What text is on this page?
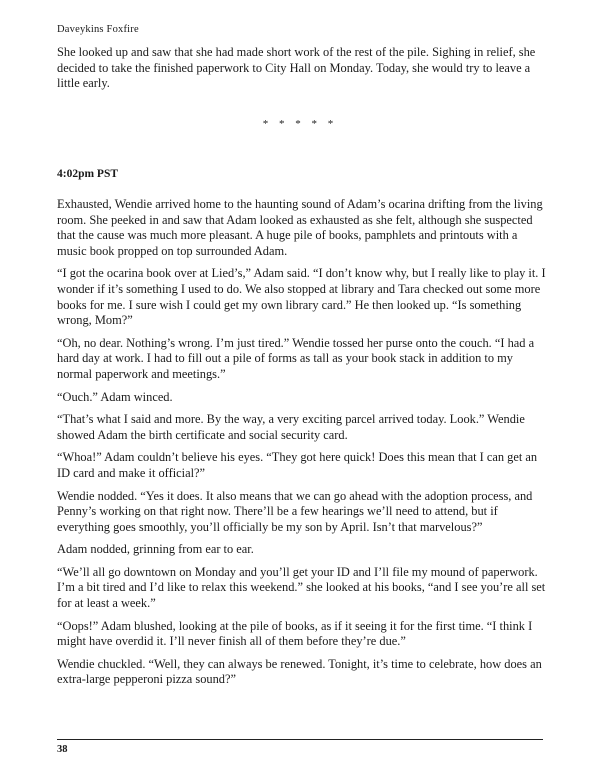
Daveykins Foxfire

She looked up and saw that she had made short work of the rest of the pile. Sighing in relief, she decided to take the finished paperwork to City Hall on Monday. Today, she would try to leave a little early.

* * * * *
4:02pm PST

Exhausted, Wendie arrived home to the haunting sound of Adam’s ocarina drifting from the living room. She peeked in and saw that Adam looked as exhausted as she felt, although she suspected that the cause was much more pleasant. A huge pile of books, pamphlets and printouts with a music book propped on top surrounded Adam.

“I got the ocarina book over at Lied’s,” Adam said. “I don’t know why, but I really like to play it. I wonder if it’s something I used to do. We also stopped at library and Tara checked out some more books for me. I sure wish I could get my own library card.” He then looked up. “Is something wrong, Mom?”

“Oh, no dear. Nothing’s wrong. I’m just tired.” Wendie tossed her purse onto the couch. “I had a hard day at work. I had to fill out a pile of forms as tall as your book stack in addition to my normal paperwork and meetings.”

“Ouch.” Adam winced.

“That’s what I said and more. By the way, a very exciting parcel arrived today. Look.” Wendie showed Adam the birth certificate and social security card.

“Whoa!” Adam couldn’t believe his eyes. “They got here quick! Does this mean that I can get an ID card and make it official?”

Wendie nodded. “Yes it does. It also means that we can go ahead with the adoption process, and Penny’s working on that right now. There’ll be a few hearings we’ll need to attend, but if everything goes smoothly, you’ll officially be my son by April. Isn’t that marvelous?”

Adam nodded, grinning from ear to ear.

“We’ll all go downtown on Monday and you’ll get your ID and I’ll file my mound of paperwork. I’m a bit tired and I’d like to relax this weekend.” she looked at his books, “and I see you’re all set for at least a week.”

“Oops!” Adam blushed, looking at the pile of books, as if it seeing it for the first time. “I think I might have overdid it. I’ll never finish all of them before they’re due.”

Wendie chuckled. “Well, they can always be renewed. Tonight, it’s time to celebrate, how does an extra-large pepperoni pizza sound?”

38
